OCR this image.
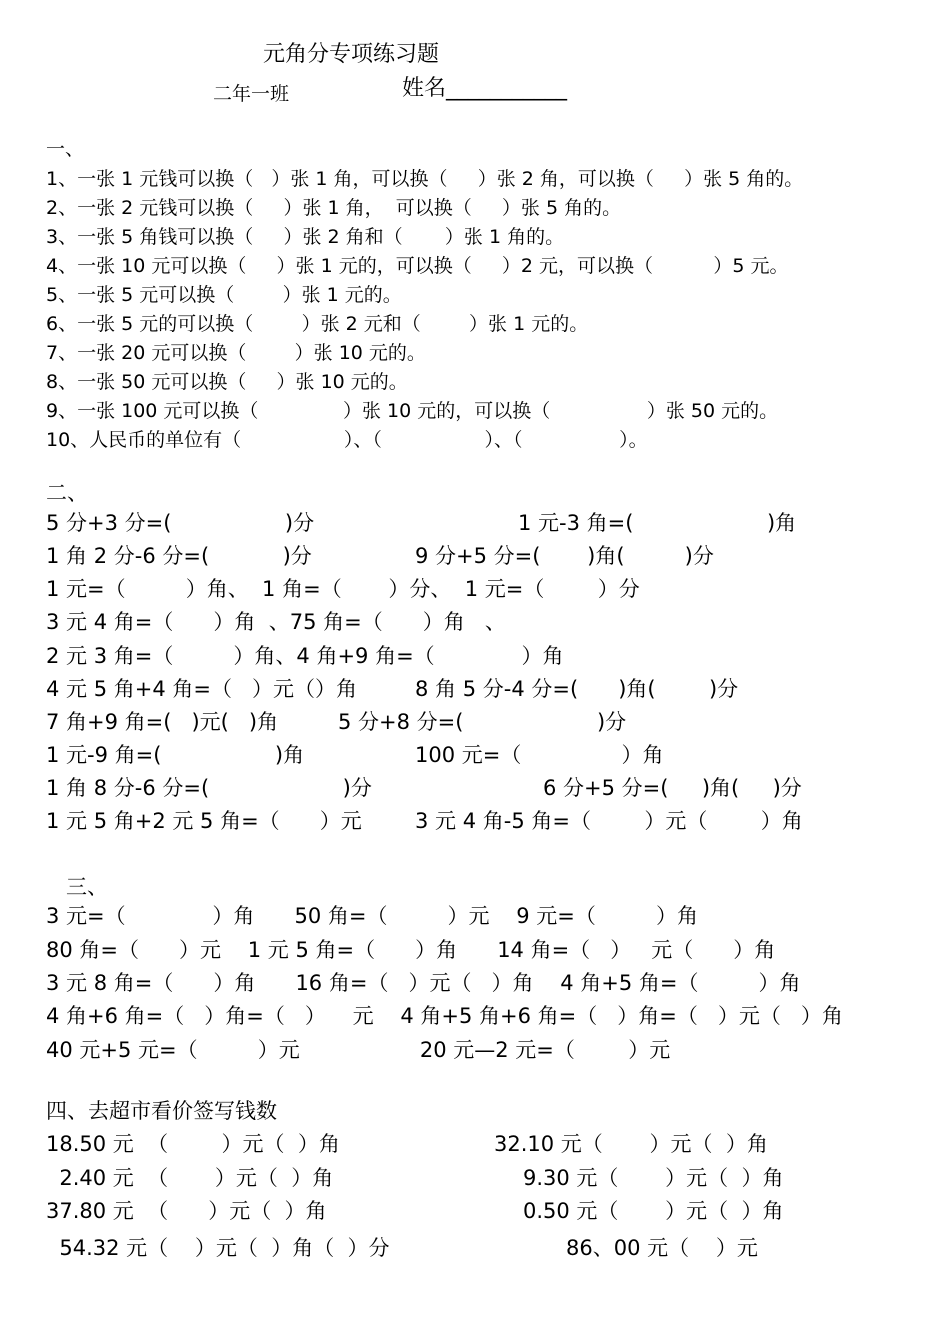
元角分专项练习题
二年一班	姓名___________
一、
1、一张 1 元钱可以换（   ）张 1 角，可以换（     ）张 2 角，可以换（     ）张 5 角的。
2、一张 2 元钱可以换（     ）张 1 角，  可以换（     ）张 5 角的。
3、一张 5 角钱可以换（     ）张 2 角和（       ）张 1 角的。
4、一张 10 元可以换（     ）张 1 元的，可以换（     ）2 元，可以换（          ）5 元。
5、一张 5 元可以换（        ）张 1 元的。
6、一张 5 元的可以换（        ）张 2 元和（        ）张 1 元的。
7、一张 20 元可以换（        ）张 10 元的。
8、一张 50 元可以换（     ）张 10 元的。
9、一张 100 元可以换（              ）张 10 元的，可以换（                ）张 50 元的。
10、人民币的单位有（                 ）、（                 ）、（                ）。
二、
5 分+3 分=(                 )分	1 元-3 角=(                    )角
1 角 2 分-6 分=(           )分	9 分+5 分=(       )角(         )分
1 元=（         ）角、  1 角=（       ）分、  1 元=（        ）分
3 元 4 角=（      ）角  、75 角=（      ）角   、
2 元 3 角=（         ）角、4 角+9 角=（             ）角
4 元 5 角+4 角=（   ）元（）角	8 角 5 分-4 分=(      )角(        )分
7 角+9 角=(   )元(   )角	5 分+8 分=(                    )分
1 元-9 角=(                 )角	100 元=（               ）角
1 角 8 分-6 分=(                    )分	6 分+5 分=(     )角(     )分
1 元 5 角+2 元 5 角=（      ）元	3 元 4 角-5 角=（        ）元（        ）角
三、
3 元=（             ）角      50 角=（         ）元    9 元=（         ）角
80 角=（      ）元    1 元 5 角=（      ）角      14 角=（   ）   元（      ）角
3 元 8 角=（      ）角      16 角=（   ）元（   ）角    4 角+5 角=（         ）角
4 角+6 角=（   ）角=（   ）    元    4 角+5 角+6 角=（   ）角=（   ）元（   ）角
40 元+5 元=（         ）元                  20 元—2 元=（        ）元
四、去超市看价签写钱数
18.50 元  （        ）元（  ）角	32.10 元（       ）元（  ）角
2.40 元  （       ）元（  ）角	9.30 元（       ）元（  ）角
37.80 元  （      ）元（  ）角	0.50 元（       ）元（  ）角
54.32 元（    ）元（  ）角（  ）分	86、00 元（    ）元
